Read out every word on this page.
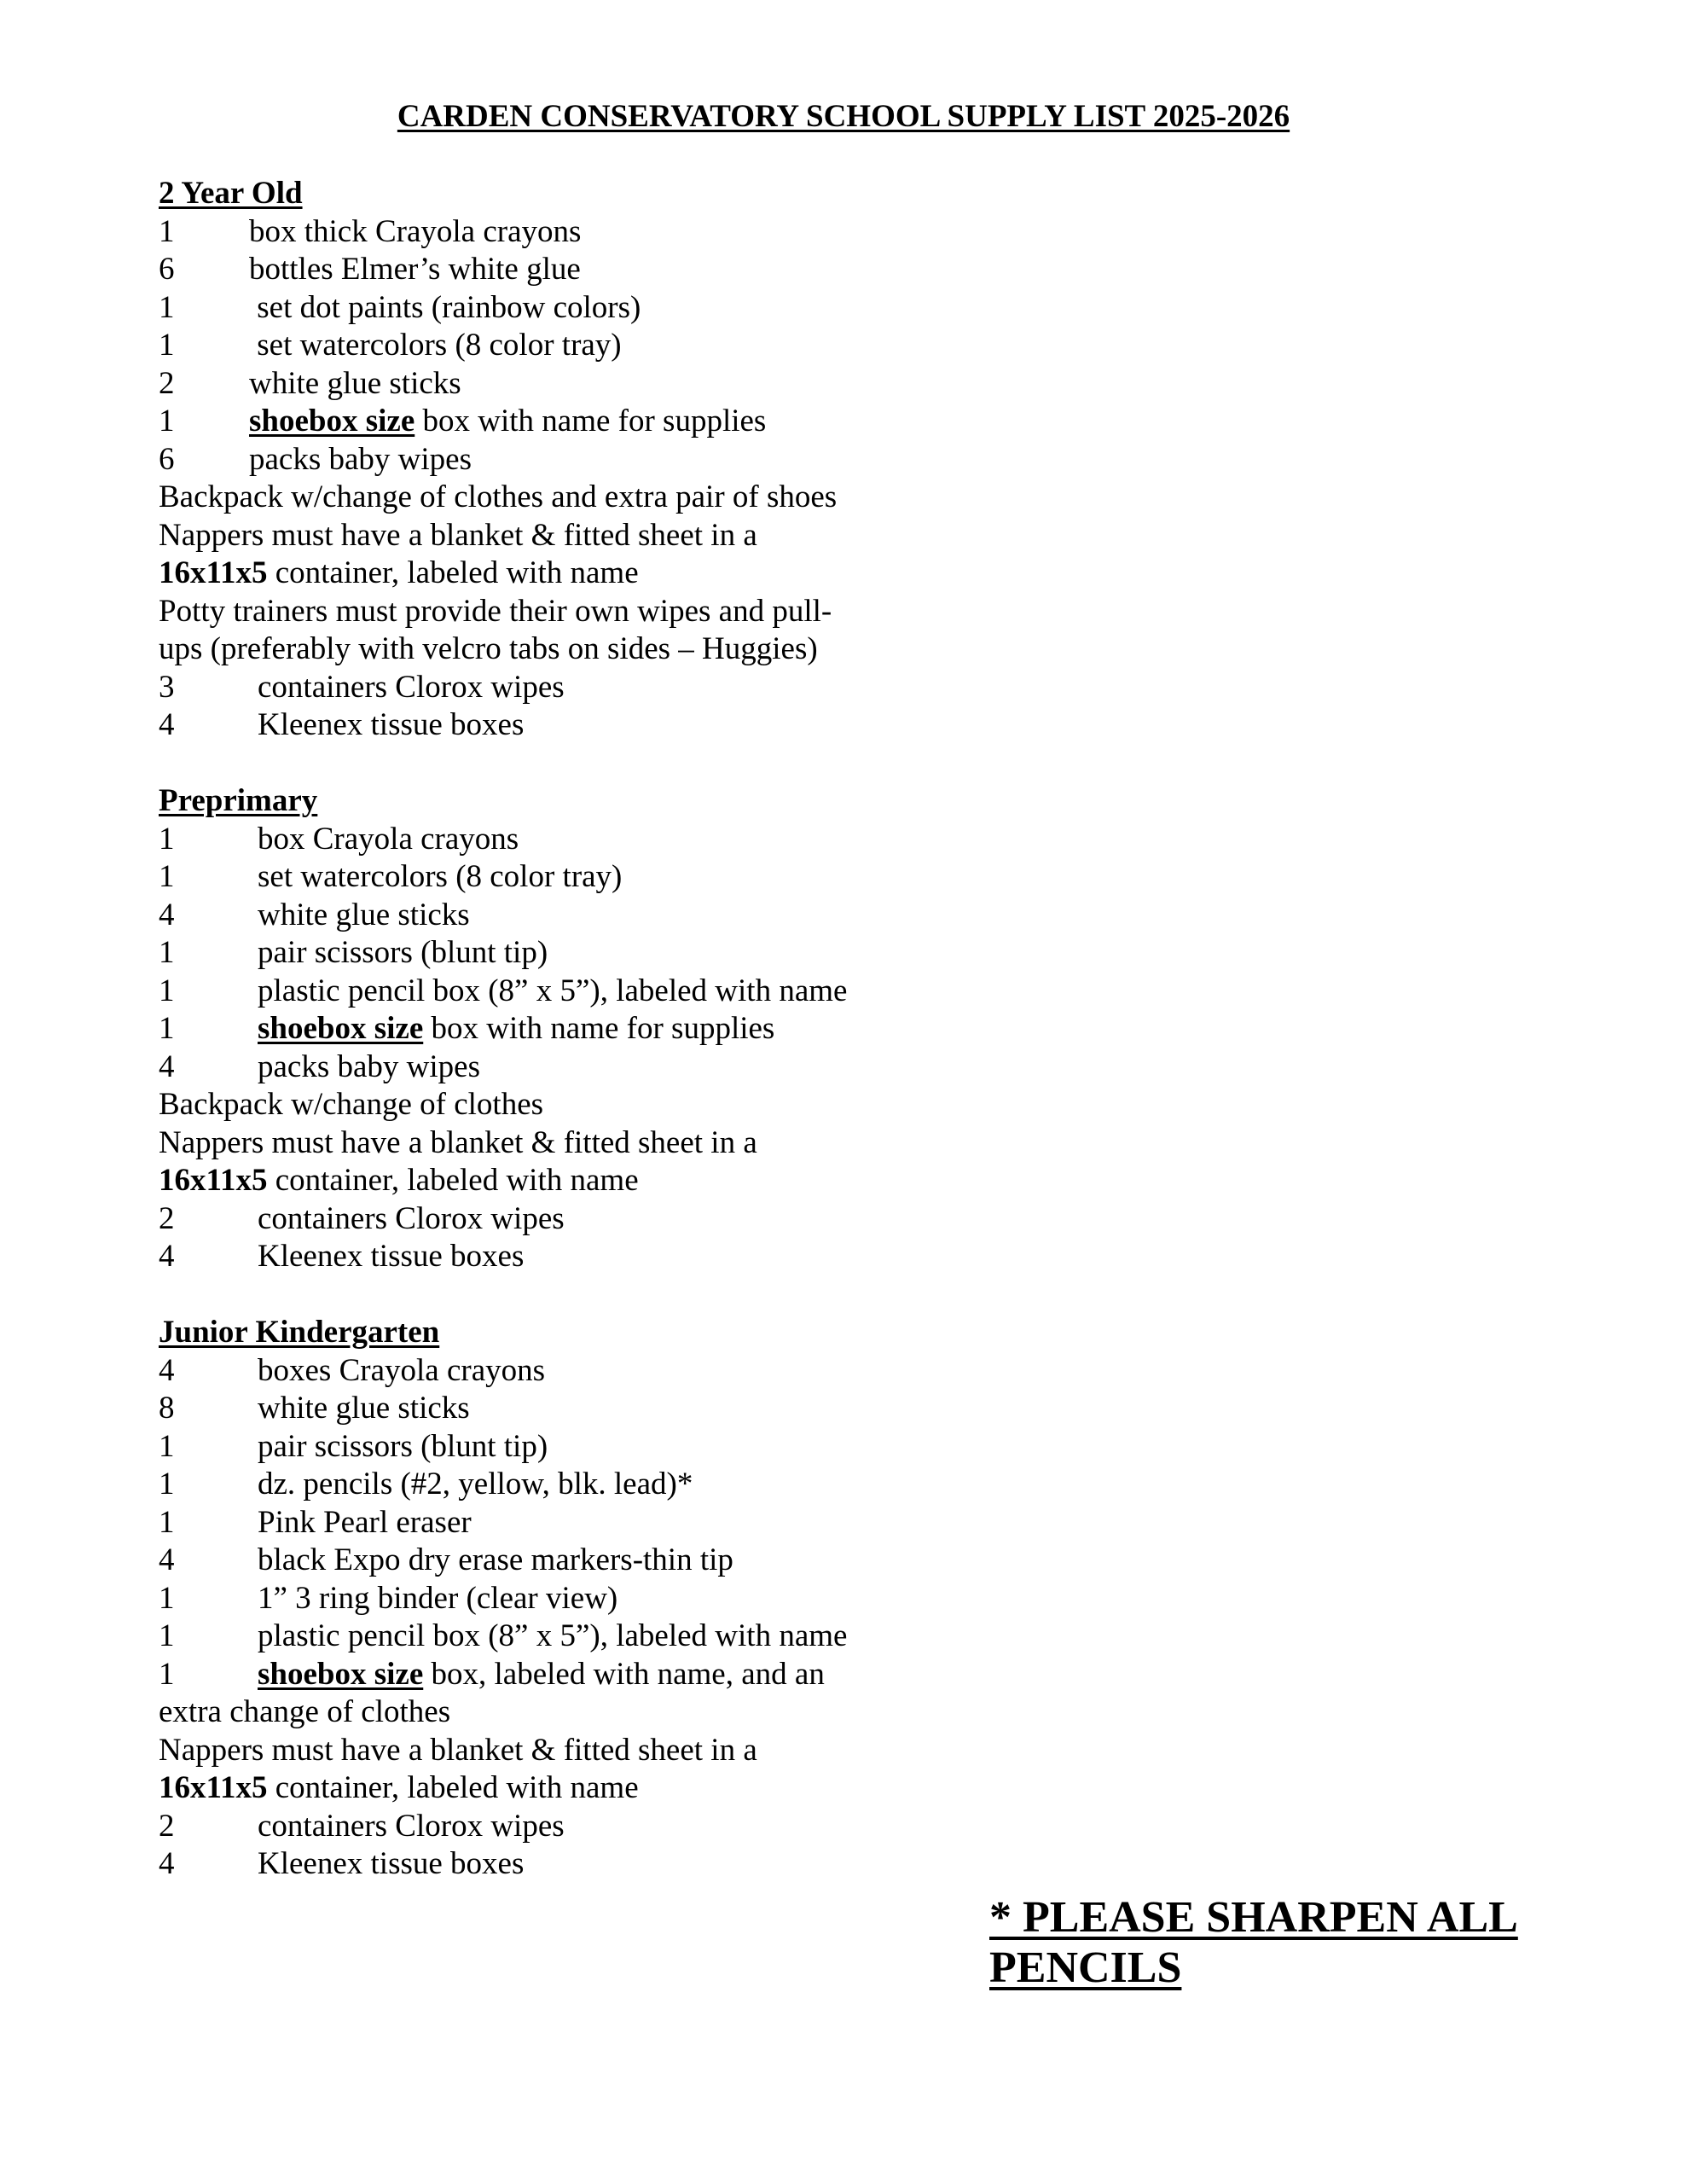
CARDEN CONSERVATORY SCHOOL SUPPLY LIST 2025-2026
2 Year Old
1	box thick Crayola crayons
6	bottles Elmer’s white glue
1	set dot paints (rainbow colors)
1	set watercolors (8 color tray)
2	white glue sticks
1	shoebox size box with name for supplies
6	packs baby wipes
Backpack w/change of clothes and extra pair of shoes
Nappers must have a blanket & fitted sheet in a
16x11x5 container, labeled with name
Potty trainers must provide their own wipes and pull-
ups (preferably with velcro tabs on sides – Huggies)
3	containers Clorox wipes
4	Kleenex tissue boxes
Preprimary
1	box Crayola crayons
1	set watercolors (8 color tray)
4	white glue sticks
1	pair scissors (blunt tip)
1	plastic pencil box (8” x 5”), labeled with name
1	shoebox size box with name for supplies
4	packs baby wipes
Backpack w/change of clothes
Nappers must have a blanket & fitted sheet in a
16x11x5 container, labeled with name
2	containers Clorox wipes
4	Kleenex tissue boxes
Junior Kindergarten
4	boxes Crayola crayons
8	white glue sticks
1	pair scissors (blunt tip)
1	dz. pencils (#2, yellow, blk. lead)*
1	Pink Pearl eraser
4	black Expo dry erase markers-thin tip
1	1” 3 ring binder (clear view)
1	plastic pencil box (8” x 5”), labeled with name
1	shoebox size box, labeled with name, and an
extra change of clothes
Nappers must have a blanket & fitted sheet in a
16x11x5 container, labeled with name
2	containers Clorox wipes
4	Kleenex tissue boxes
* PLEASE SHARPEN ALL
PENCILS
